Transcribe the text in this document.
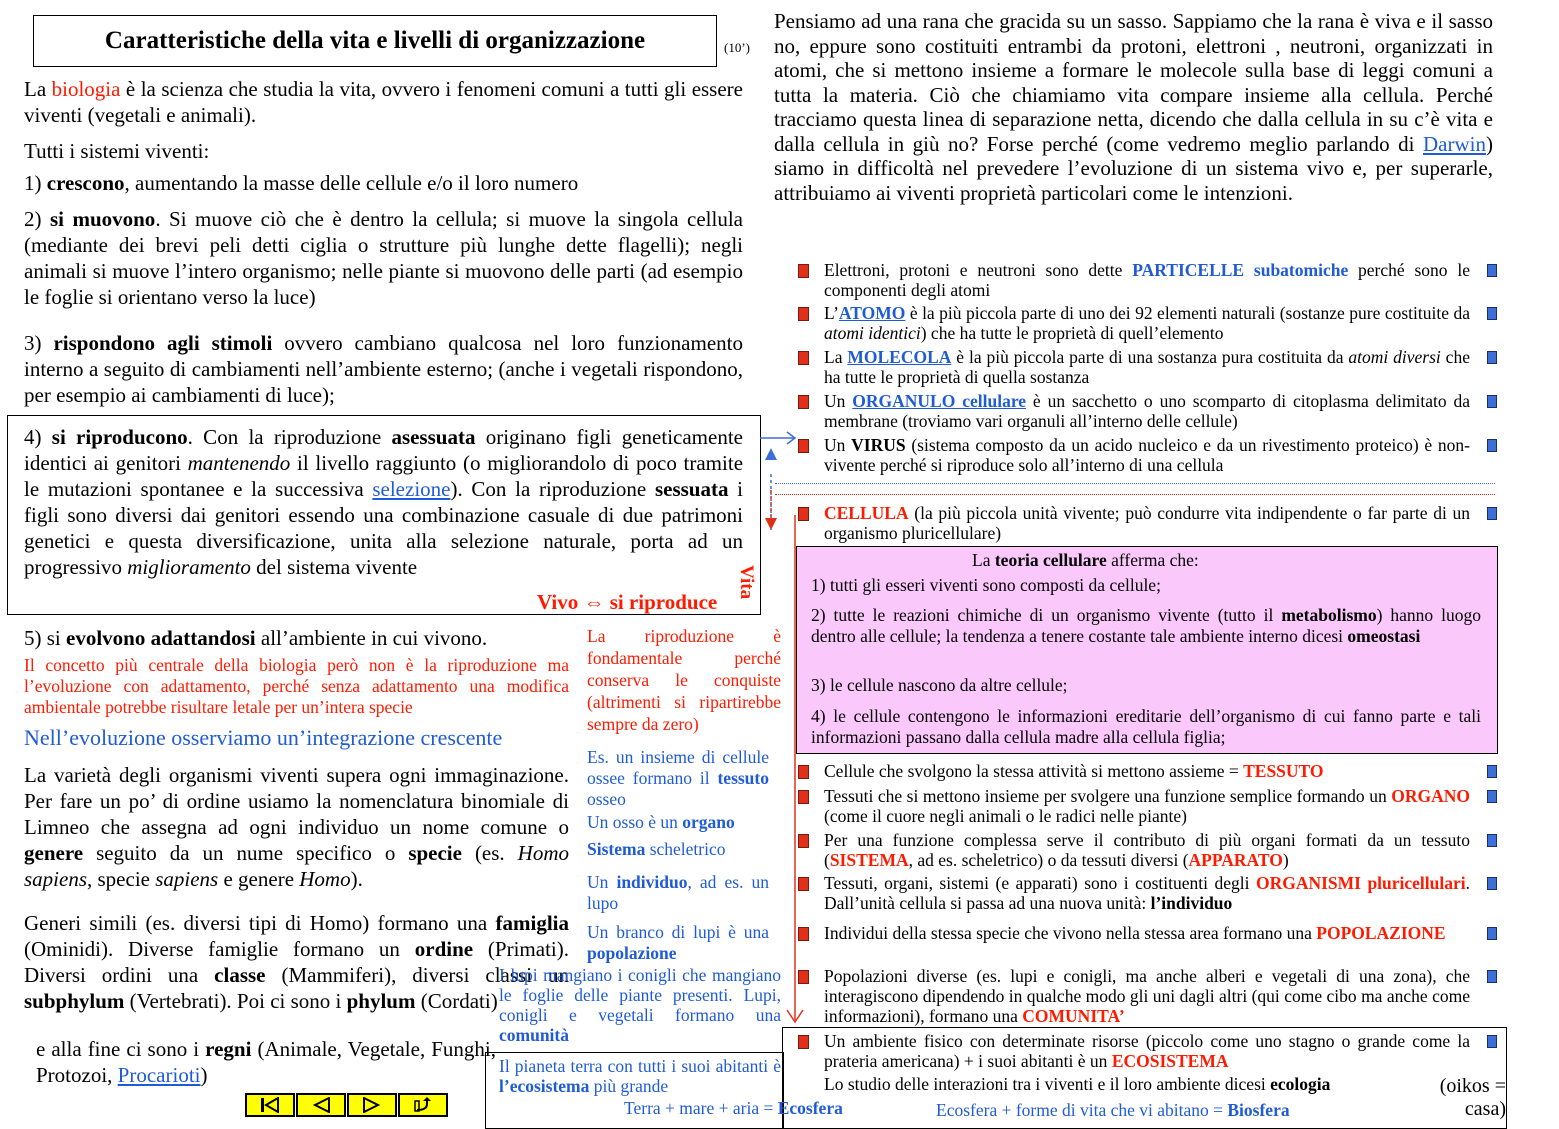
Caratteristiche della vita e livelli di organizzazione	(10’)
La biologia è la scienza che studia la vita, ovvero i fenomeni comuni a tutti gli essere viventi (vegetali e animali).
Tutti i sistemi viventi:
1) crescono, aumentando la masse delle cellule e/o il loro numero
2) si muovono. Si muove ciò che è dentro la cellula; si muove la singola cellula (mediante dei brevi peli detti ciglia o strutture più lunghe dette flagelli); negli animali si muove l’intero organismo; nelle piante si muovono delle parti (ad esempio le foglie si orientano verso la luce)
3) rispondono agli stimoli ovvero cambiano qualcosa nel loro funzionamento interno a seguito di cambiamenti nell’ambiente esterno; (anche i vegetali rispondono, per esempio ai cambiamenti di luce);
4) si riproducono. Con la riproduzione asessuata originano figli geneticamente identici ai genitori mantenendo il livello raggiunto (o migliorandolo di poco tramite le mutazioni spontanee e la successiva selezione). Con la riproduzione sessuata i figli sono diversi dai genitori essendo una combinazione casuale di due patrimoni genetici e questa diversificazione, unita alla selezione naturale, porta ad un progressivo miglioramento del sistema vivente
Vivo ⇔ si riproduce
5) si evolvono adattandosi all’ambiente in cui vivono.
Il concetto più centrale della biologia però non è la riproduzione ma l’evoluzione con adattamento, perché senza adattamento una modifica ambientale potrebbe risultare letale per un’intera specie
Nell’evoluzione osserviamo un’integrazione crescente
La riproduzione è fondamentale perché conserva le conquiste (altrimenti si ripartirebbe sempre da zero)
La varietà degli organismi viventi supera ogni immaginazione. Per fare un po’ di ordine usiamo la nomenclatura binomiale di Limneo che assegna ad ogni individuo un nome comune o genere seguito da un nume specifico o specie (es. Homo sapiens, specie sapiens e genere Homo).
Generi simili (es. diversi tipi di Homo) formano una famiglia (Ominidi). Diverse famiglie formano un ordine (Primati). Diversi ordini una classe (Mammiferi), diversi classi un subphylum (Vertebrati). Poi ci sono i phylum (Cordati)
e alla fine ci sono i regni (Animale, Vegetale, Funghi, Protozoi, Procarioti)
Es. un insieme di cellule ossee formano il tessuto osseo
Un osso è un organo
Sistema scheletrico
Un individuo, ad es. un lupo
Un branco di lupi è una popolazione
I lupi mangiano i conigli che mangiano le foglie delle piante presenti. Lupi, conigli e vegetali formano una comunità
Il pianeta terra con tutti i suoi abitanti è l’ecosistema più grande
Terra + mare + aria = Ecosfera	Ecosfera + forme di vita che vi abitano = Biosfera
Pensiamo ad una rana che gracida su un sasso. Sappiamo che la rana è viva e il sasso no, eppure sono costituiti entrambi da protoni, elettroni , neutroni, organizzati in atomi, che si mettono insieme a formare le molecole sulla base di leggi comuni a tutta la materia. Ciò che chiamiamo vita compare insieme alla cellula. Perché tracciamo questa linea di separazione netta, dicendo che dalla cellula in su c’è vita e dalla cellula in giù no? Forse perché (come vedremo meglio parlando di Darwin) siamo in difficoltà nel prevedere l’evoluzione di un sistema vivo e, per superarle, attribuiamo ai viventi proprietà particolari come le intenzioni.
Elettroni, protoni e neutroni sono dette PARTICELLE subatomiche perché sono le componenti degli atomi
L’ATOMO è la più piccola parte di uno dei 92 elementi naturali (sostanze pure costituite da atomi identici) che ha tutte le proprietà di quell’elemento
La MOLECOLA è la più piccola parte di una sostanza pura costituita da atomi diversi che ha tutte le proprietà di quella sostanza
Un ORGANULO cellulare è un sacchetto o uno scomparto di citoplasma delimitato da membrane (troviamo vari organuli all’interno delle cellule)
Un VIRUS (sistema composto da un acido nucleico e da un rivestimento proteico) è non-vivente perché si riproduce solo all’interno di una cellula
CELLULA (la più piccola unità vivente; può condurre vita indipendente o far parte di un organismo pluricellulare)
Vita
La teoria cellulare afferma che:
1) tutti gli esseri viventi sono composti da cellule;
2) tutte le reazioni chimiche di un organismo vivente (tutto il metabolismo) hanno luogo dentro alle cellule; la tendenza a tenere costante tale ambiente interno dicesi omeostasi
3) le cellule nascono da altre cellule;
4) le cellule contengono le informazioni ereditarie dell’organismo di cui fanno parte e tali informazioni passano dalla cellula madre alla cellula figlia;
Cellule che svolgono la stessa attività si mettono assieme = TESSUTO
Tessuti che si mettono insieme per svolgere una funzione semplice formando un ORGANO (come il cuore negli animali o le radici nelle piante)
Per una funzione complessa serve il contributo di più organi formati da un tessuto (SISTEMA, ad es. scheletrico) o da tessuti diversi (APPARATO)
Tessuti, organi, sistemi (e apparati) sono i costituenti degli ORGANISMI pluricellulari. Dall’unità cellula si passa ad una nuova unità: l’individuo
Individui della stessa specie che vivono nella stessa area formano una POPOLAZIONE
Popolazioni diverse (es. lupi e conigli, ma anche alberi e vegetali di una zona), che interagiscono dipendendo in qualche modo gli uni dagli altri (qui come cibo ma anche come informazioni), formano una COMUNITA’
Un ambiente fisico con determinate risorse (piccolo come uno stagno o grande come la prateria americana) + i suoi abitanti è un ECOSISTEMA
Lo studio delle interazioni tra i viventi e il loro ambiente dicesi ecologia	(oikos = casa)
